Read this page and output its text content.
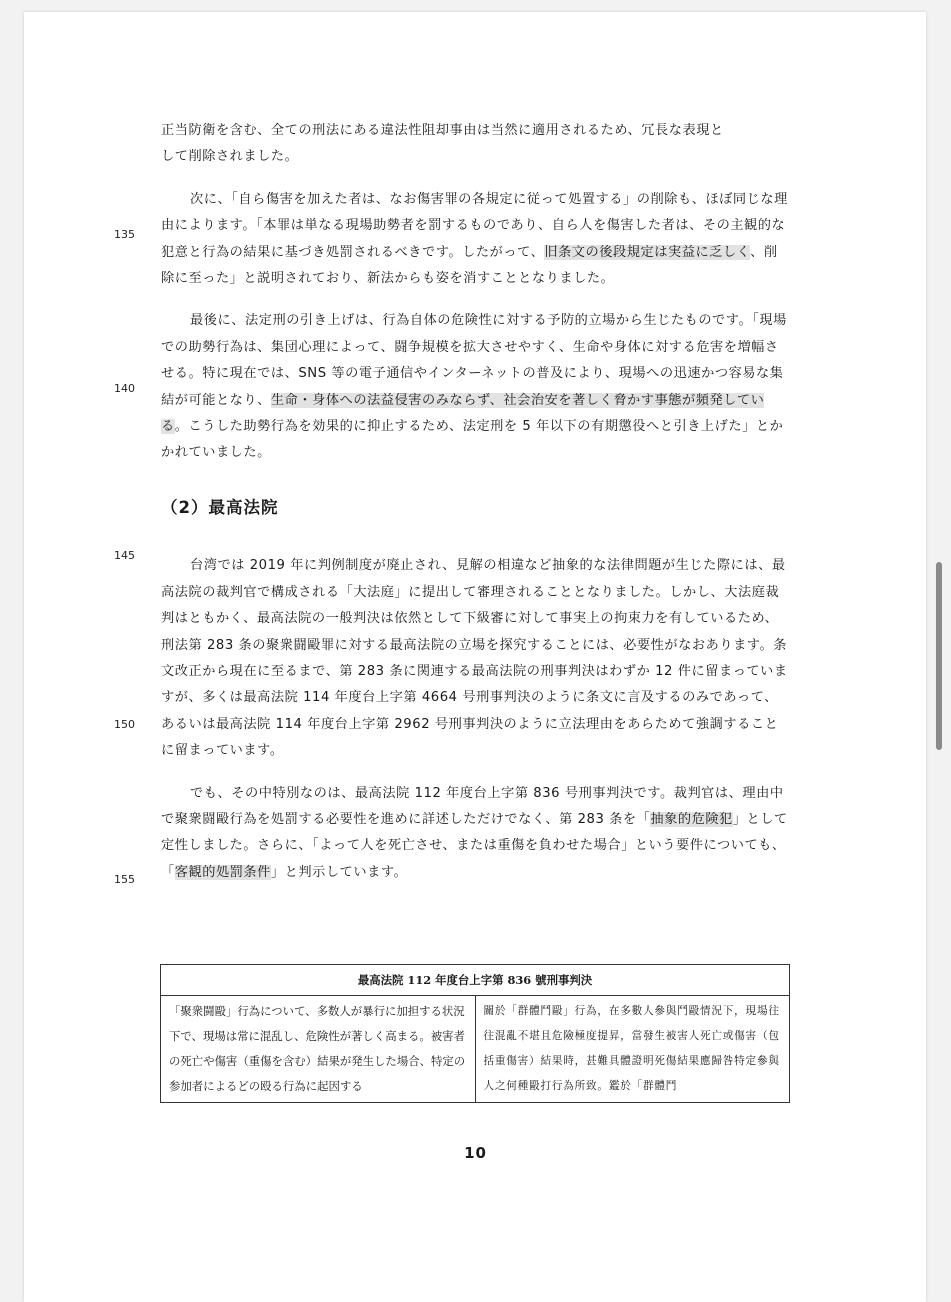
135
140
145
150
155

正当防衛を含む、全ての刑法にある違法性阻却事由は当然に適用されるため、冗長な表現と
して削除されました。

次に、「自ら傷害を加えた者は、なお傷害罪の各規定に従って処置する」の削除も、ほぼ同じな理由によります。「本罪は単なる現場助勢者を罰するものであり、自ら人を傷害した者は、その主観的な犯意と行為の結果に基づき処罰されるべきです。したがって、旧条文の後段規定は実益に乏しく、削除に至った」と説明されており、新法からも姿を消すこととなりました。

最後に、法定刑の引き上げは、行為自体の危険性に対する予防的立場から生じたものです。「現場での助勢行為は、集団心理によって、闘争規模を拡大させやすく、生命や身体に対する危害を増幅させる。特に現在では、SNS 等の電子通信やインターネットの普及により、現場への迅速かつ容易な集結が可能となり、生命・身体への法益侵害のみならず、社会治安を著しく脅かす事態が頻発している。こうした助勢行為を効果的に抑止するため、法定刑を 5 年以下の有期懲役へと引き上げた」とかかれていました。

（2）最高法院

台湾では 2019 年に判例制度が廃止され、見解の相違など抽象的な法律問題が生じた際には、最高法院の裁判官で構成される「大法庭」に提出して審理されることとなりました。しかし、大法庭裁判はともかく、最高法院の一般判決は依然として下級審に対して事実上の拘束力を有しているため、刑法第 283 条の聚衆闘毆罪に対する最高法院の立場を探究することには、必要性がなおあります。条文改正から現在に至るまで、第 283 条に関連する最高法院の刑事判決はわずか 12 件に留まっていますが、多くは最高法院 114 年度台上字第 4664 号刑事判決のように条文に言及するのみであって、あるいは最高法院 114 年度台上字第 2962 号刑事判決のように立法理由をあらためて強調することに留まっています。

でも、その中特別なのは、最高法院 112 年度台上字第 836 号刑事判決です。裁判官は、理由中で聚衆闘毆行為を処罰する必要性を進めに詳述しただけでなく、第 283 条を「抽象的危険犯」として定性しました。さらに、「よって人を死亡させ、または重傷を負わせた場合」という要件についても、「客観的処罰条件」と判示しています。

最高法院 112 年度台上字第 836 號刑事判決
「聚衆闘毆」行為について、多数人が暴行に加担する状況下で、現場は常に混乱し、危険性が著しく高まる。被害者の死亡や傷害（重傷を含む）結果が発生した場合、特定の参加者によるどの殴る行為に起因する	關於「群體鬥毆」行為，在多數人參與鬥毆情況下，現場往往混亂不堪且危險極度提昇，當發生被害人死亡或傷害（包括重傷害）結果時，甚難具體證明死傷結果應歸咎特定參與人之何種毆打行為所致。鑑於「群體鬥
10
